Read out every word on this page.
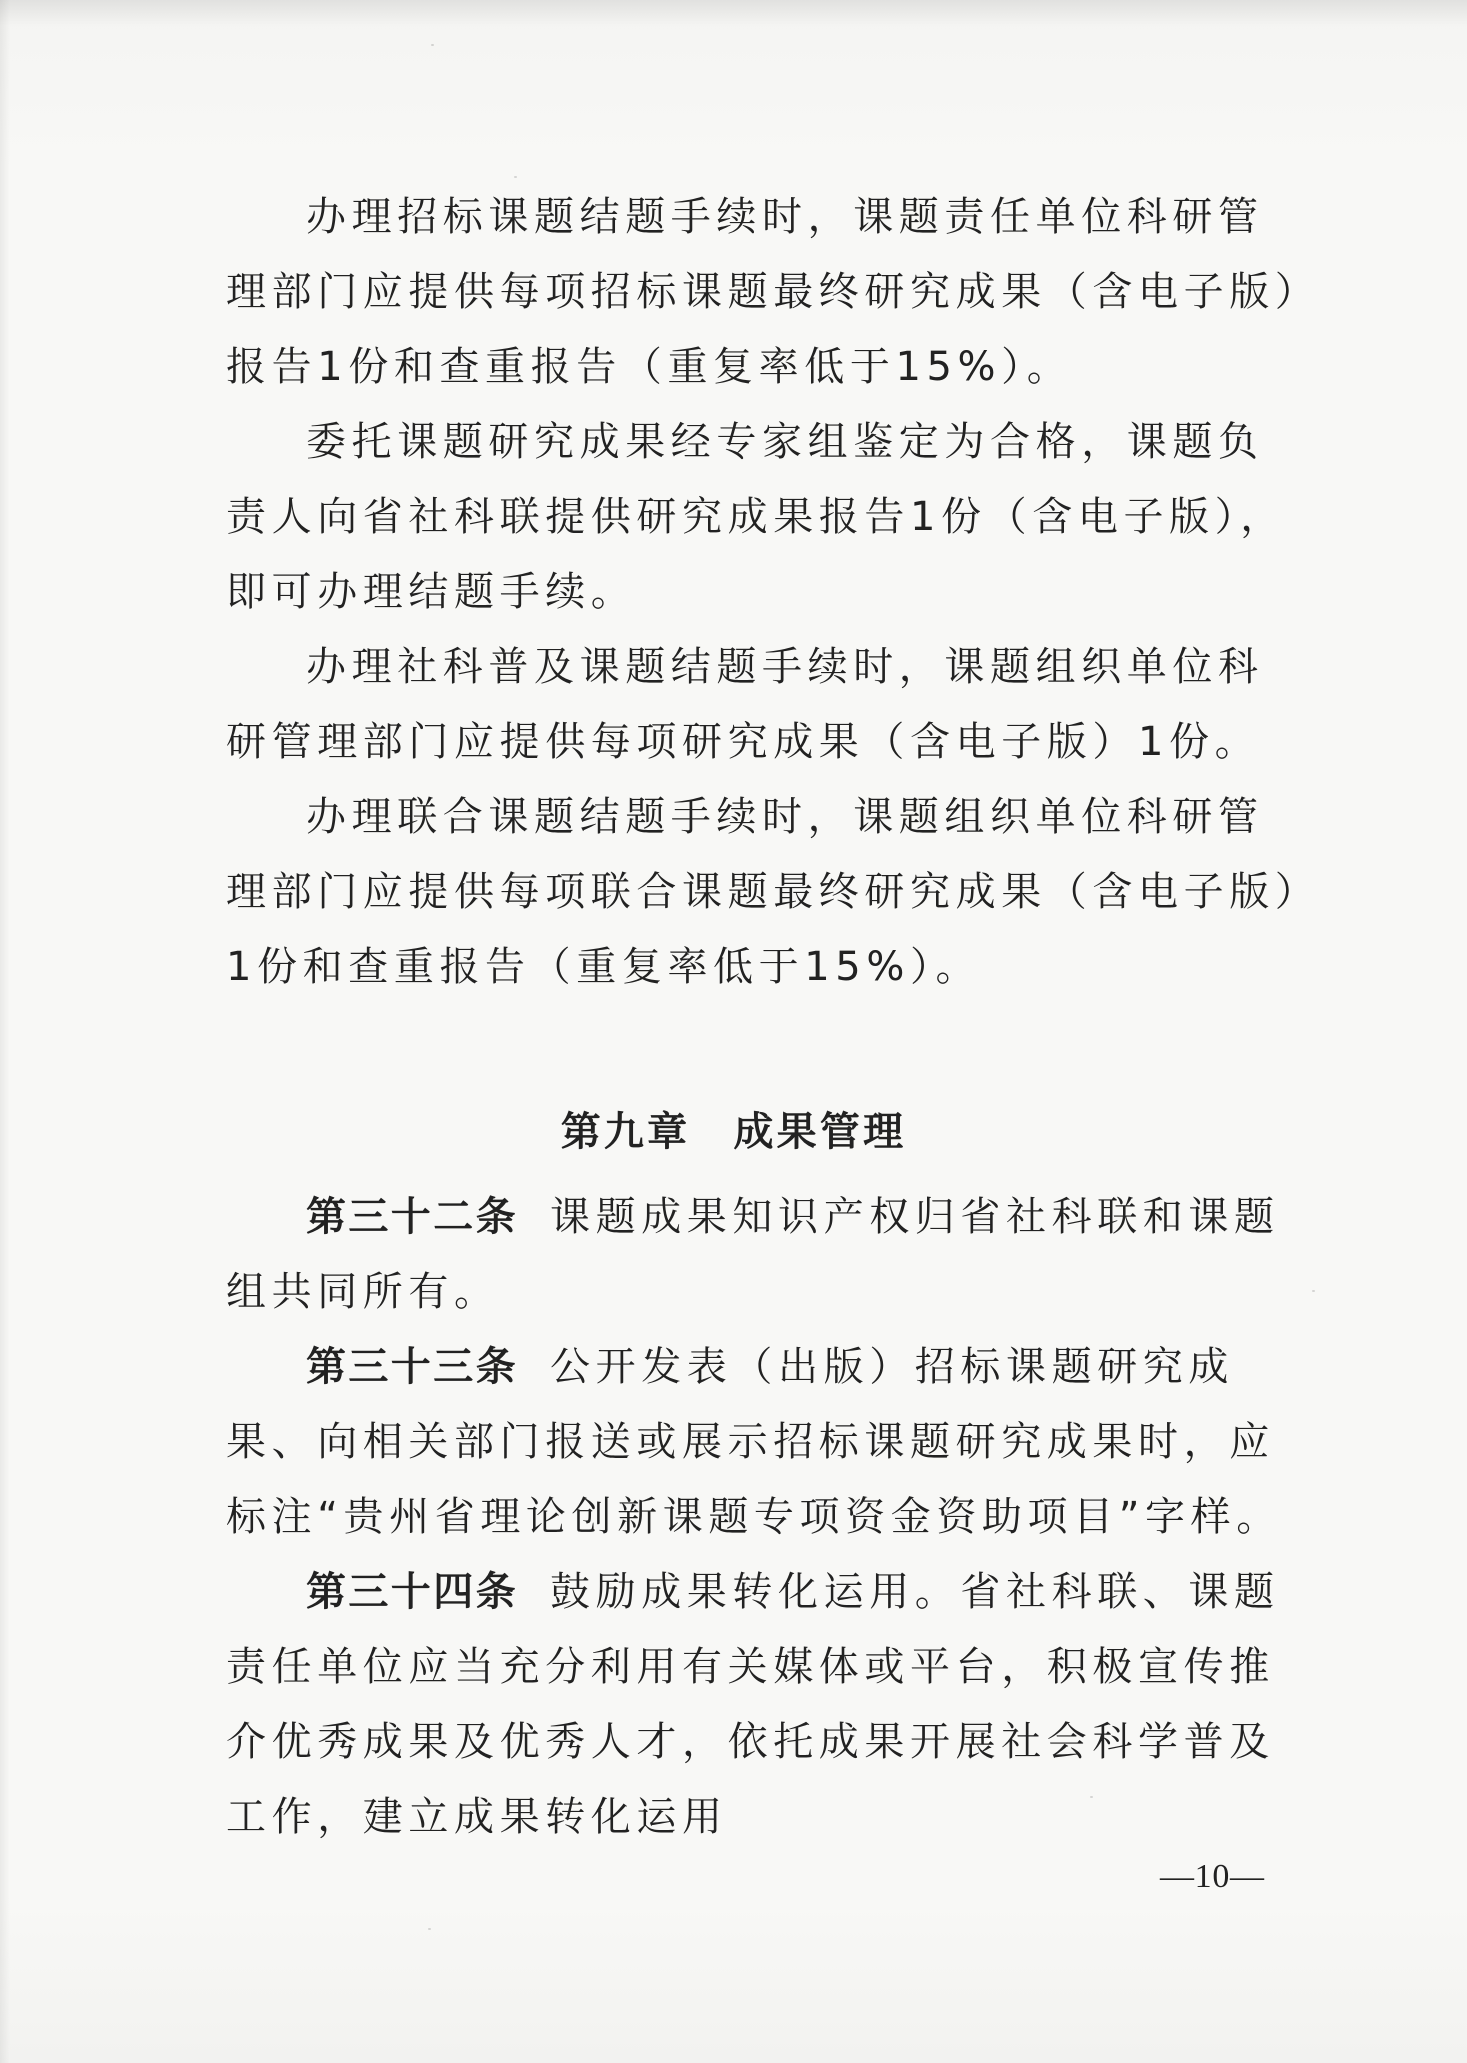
办理招标课题结题手续时，课题责任单位科研管理部门应提供每项招标课题最终研究成果（含电子版）报告1份和查重报告（重复率低于15%）。

委托课题研究成果经专家组鉴定为合格，课题负责人向省社科联提供研究成果报告1份（含电子版），即可办理结题手续。

办理社科普及课题结题手续时，课题组织单位科研管理部门应提供每项研究成果（含电子版）1份。

办理联合课题结题手续时，课题组织单位科研管理部门应提供每项联合课题最终研究成果（含电子版）1份和查重报告（重复率低于15%）。

第九章　成果管理

第三十二条 课题成果知识产权归省社科联和课题组共同所有。

第三十三条 公开发表（出版）招标课题研究成果、向相关部门报送或展示招标课题研究成果时，应标注“贵州省理论创新课题专项资金资助项目”字样。

第三十四条 鼓励成果转化运用。省社科联、课题责任单位应当充分利用有关媒体或平台，积极宣传推介优秀成果及优秀人才，依托成果开展社会科学普及工作，建立成果转化运用

—10—
